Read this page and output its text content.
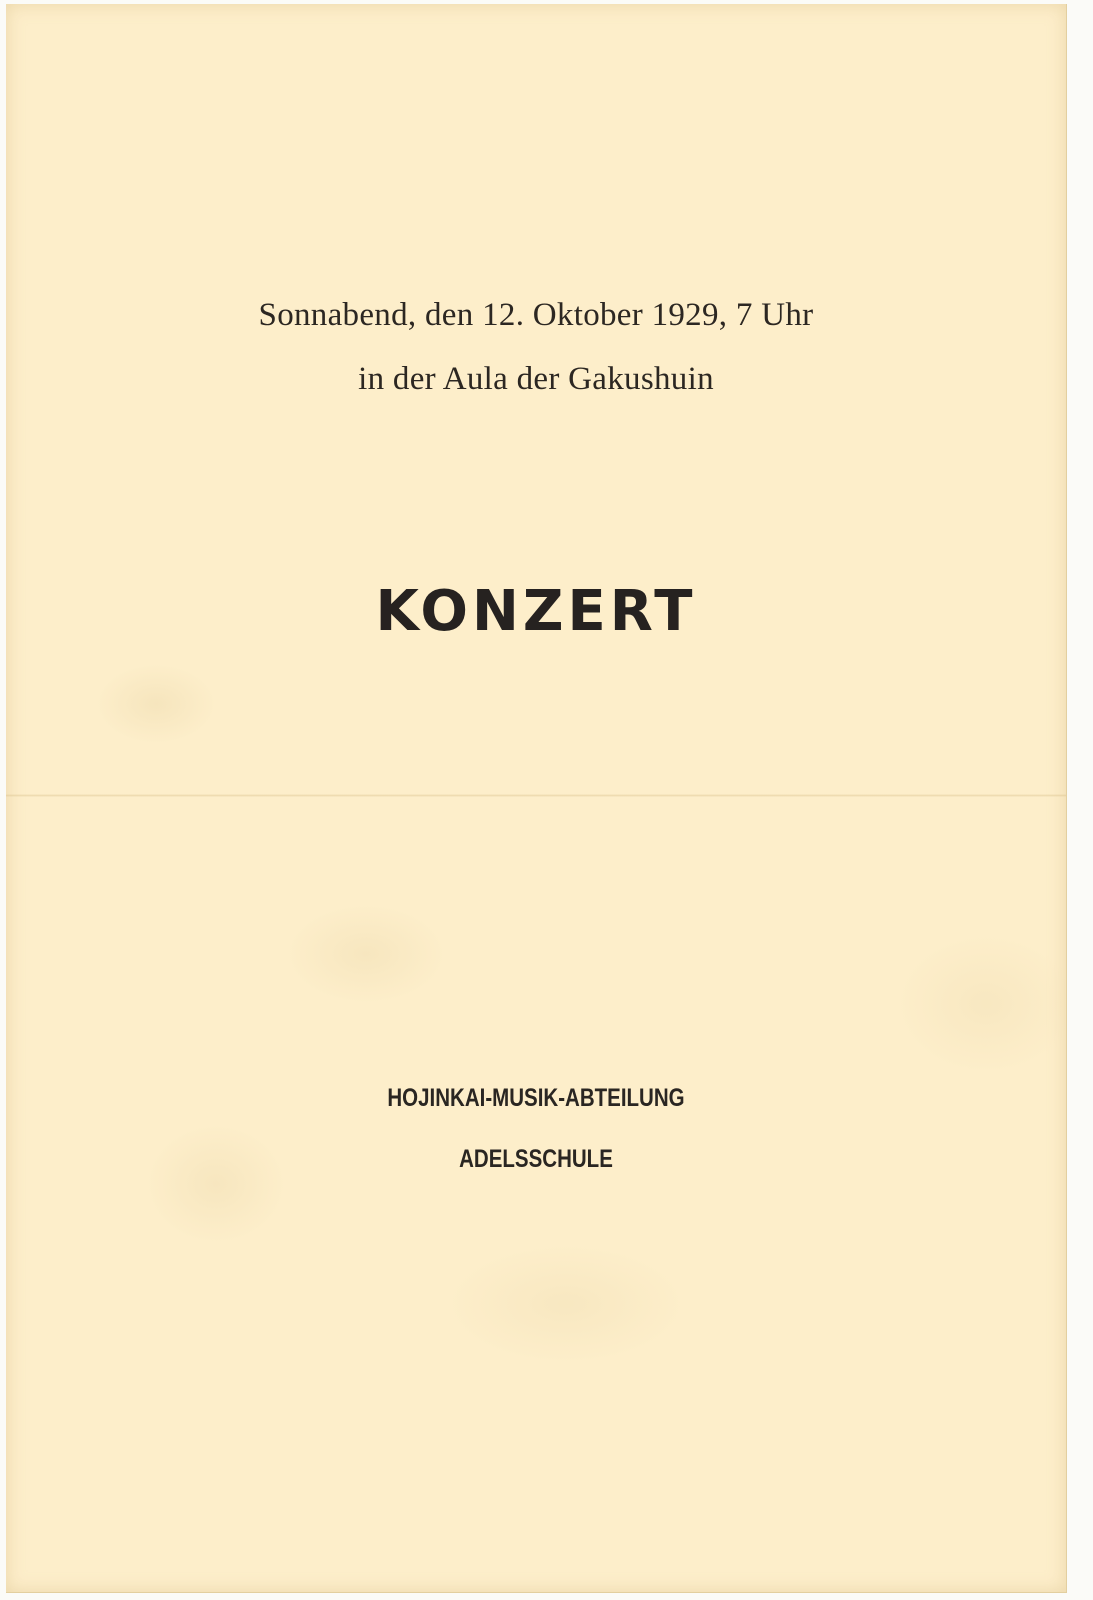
Sonnabend, den 12. Oktober 1929, 7 Uhr
in der Aula der Gakushuin
KONZERT
HOJINKAI-MUSIK-ABTEILUNG
ADELSSCHULE
